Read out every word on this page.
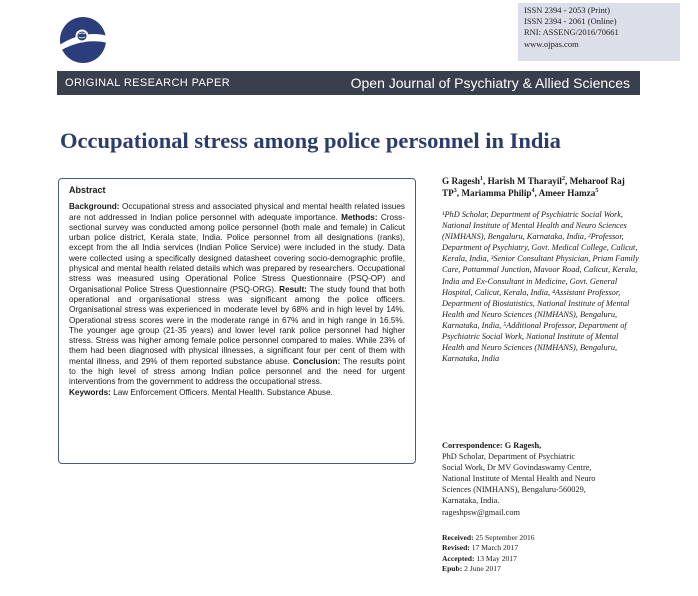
ISSN 2394 - 2053 (Print)
ISSN 2394 - 2061 (Online)
RNI: ASSENG/2016/70661
www.ojpas.com
ORIGINAL RESEARCH PAPER	Open Journal of Psychiatry & Allied Sciences
Occupational stress among police personnel in India
Abstract

Background: Occupational stress and associated physical and mental health related issues are not addressed in Indian police personnel with adequate importance. Methods: Cross-sectional survey was conducted among police personnel (both male and female) in Calicut urban police district, Kerala state, India. Police personnel from all designations (ranks), except from the all India services (Indian Police Service) were included in the study. Data were collected using a specifically designed datasheet covering socio-demographic profile, physical and mental health related details which was prepared by researchers. Occupational stress was measured using Operational Police Stress Questionnaire (PSQ-OP) and Organisational Police Stress Questionnaire (PSQ-ORG). Result: The study found that both operational and organisational stress was significant among the police officers. Organisational stress was experienced in moderate level by 68% and in high level by 14%. Operational stress scores were in the moderate range in 67% and in high range in 16.5%. The younger age group (21-35 years) and lower level rank police personnel had higher stress. Stress was higher among female police personnel compared to males. While 23% of them had been diagnosed with physical illnesses, a significant four per cent of them with mental illness, and 29% of them reported substance abuse. Conclusion: The results point to the high level of stress among Indian police personnel and the need for urgent interventions from the government to address the occupational stress.

Keywords: Law Enforcement Officers. Mental Health. Substance Abuse.

G Ragesh$^1$, Harish M Tharayil$^2$, Meharoof Raj $TP^3$, Mariamma Philip$^4$, Ameer Hamza$^5$
¹PhD Scholar, Department of Psychiatric Social Work, National Institute of Mental Health and Neuro Sciences (NIMHANS), Bengaluru, Karnataka, India, ²Professor, Department of Psychiatry, Govt. Medical College, Calicut, Kerala, India, ³Senior Consultant Physician, Priam Family Care, Pottammal Junction, Mavoor Road, Calicut, Kerala, India and Ex-Consultant in Medicine, Govt. General Hospital, Calicut, Kerala, India, ⁴Assistant Professor, Department of Biostatistics, National Institute of Mental Health and Neuro Sciences (NIMHANS), Bengaluru, Karnataka, India, ⁵Additional Professor, Department of Psychiatric Social Work, National Institute of Mental Health and Neuro Sciences (NIMHANS), Bengaluru, Karnataka, India
Correspondence: G Ragesh,
PhD Scholar, Department of Psychiatric
Social Work, Dr MV Govindaswamy Centre,
National Institute of Mental Health and Neuro
Sciences (NIMHANS), Bengaluru-560029,
Karnataka, India.
rageshpsw@gmail.com
Received: 25 September 2016
Revised: 17 March 2017
Accepted: 13 May 2017
Epub: 2 June 2017
